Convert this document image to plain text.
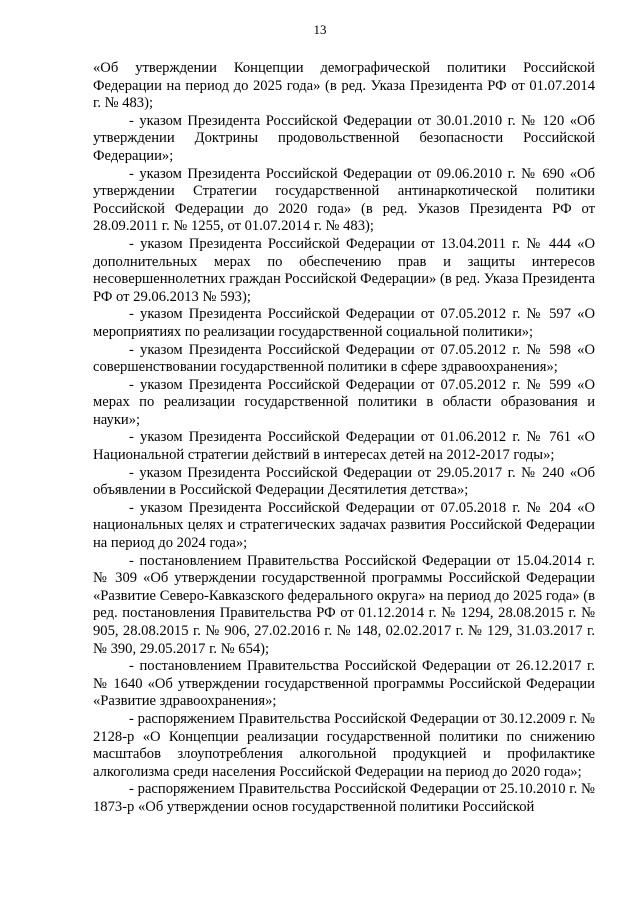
13

«Об утверждении Концепции демографической политики Российской Федерации на период до 2025 года» (в ред. Указа Президента РФ от 01.07.2014 г. № 483);

- указом Президента Российской Федерации от 30.01.2010 г. № 120 «Об утверждении Доктрины продовольственной безопасности Российской Федерации»;

- указом Президента Российской Федерации от 09.06.2010 г. № 690 «Об утверждении Стратегии государственной антинаркотической политики Российской Федерации до 2020 года» (в ред. Указов Президента РФ от 28.09.2011 г. № 1255, от 01.07.2014 г. № 483);

- указом Президента Российской Федерации от 13.04.2011 г. № 444 «О дополнительных мерах по обеспечению прав и защиты интересов несовершеннолетних граждан Российской Федерации» (в ред. Указа Президента РФ от 29.06.2013 № 593);

- указом Президента Российской Федерации от 07.05.2012 г. № 597 «О мероприятиях по реализации государственной социальной политики»;

- указом Президента Российской Федерации от 07.05.2012 г. № 598 «О совершенствовании государственной политики в сфере здравоохранения»;

- указом Президента Российской Федерации от 07.05.2012 г. № 599 «О мерах по реализации государственной политики в области образования и науки»;

- указом Президента Российской Федерации от 01.06.2012 г. № 761 «О Национальной стратегии действий в интересах детей на 2012-2017 годы»;

- указом Президента Российской Федерации от 29.05.2017 г. № 240 «Об объявлении в Российской Федерации Десятилетия детства»;

- указом Президента Российской Федерации от 07.05.2018 г. № 204 «О национальных целях и стратегических задачах развития Российской Федерации на период до 2024 года»;

- постановлением Правительства Российской Федерации от 15.04.2014 г. № 309 «Об утверждении государственной программы Российской Федерации «Развитие Северо-Кавказского федерального округа» на период до 2025 года» (в ред. постановления Правительства РФ от 01.12.2014 г. № 1294, 28.08.2015 г. № 905, 28.08.2015 г. № 906, 27.02.2016 г. № 148, 02.02.2017 г. № 129, 31.03.2017 г. № 390, 29.05.2017 г. № 654);

- постановлением Правительства Российской Федерации от 26.12.2017 г. № 1640 «Об утверждении государственной программы Российской Федерации «Развитие здравоохранения»;

- распоряжением Правительства Российской Федерации от 30.12.2009 г. № 2128-р «О Концепции реализации государственной политики по снижению масштабов злоупотребления алкогольной продукцией и профилактике алкоголизма среди населения Российской Федерации на период до 2020 года»;

- распоряжением Правительства Российской Федерации от 25.10.2010 г. № 1873-р «Об утверждении основ государственной политики Российской
